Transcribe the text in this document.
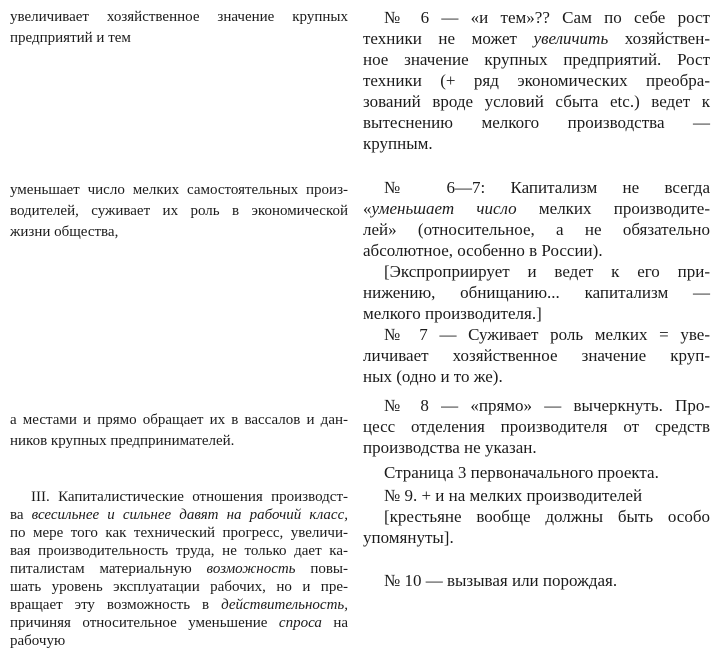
увеличивает хозяйственное значение крупных
предприятий и тем
уменьшает число мелких самостоятельных произ-
водителей, суживает их роль в экономической
жизни общества,
а местами и прямо обращает их в вассалов и дан-
ников крупных предпринимателей.
III. Капиталистические отношения производст-
ва всесильнее и сильнее давят на рабочий класс,
по мере того как технический прогресс, увеличи-
вая производительность труда, не только дает ка-
питалистам материальную возможность повы-
шать уровень эксплуатации рабочих, но и пре-
вращает эту возможность в действительность,
причиняя относительное уменьшение спроса на
рабочую
№ 6 — «и тем»?? Сам по себе рост
техники не может увеличить хозяйствен-
ное значение крупных предприятий. Рост
техники (+ ряд экономических преобра-
зований вроде условий сбыта etc.) ведет к
вытеснению мелкого производства —
крупным.
№ 6—7: Капитализм не всегда
«уменьшает число мелких производите-
лей» (относительное, а не обязательно
абсолютное, особенно в России).
[Экспроприирует и ведет к его при-
нижению, обнищанию... капитализм —
мелкого производителя.]
№ 7 — Суживает роль мелких = уве-
личивает хозяйственное значение круп-
ных (одно и то же).
№ 8 — «прямо» — вычеркнуть. Про-
цесс отделения производителя от средств
производства не указан.
Страница 3 первоначального проекта.
№ 9. + и на мелких производителей
[крестьяне вообще должны быть особо
упомянуты].
№ 10 — вызывая или порождая.
